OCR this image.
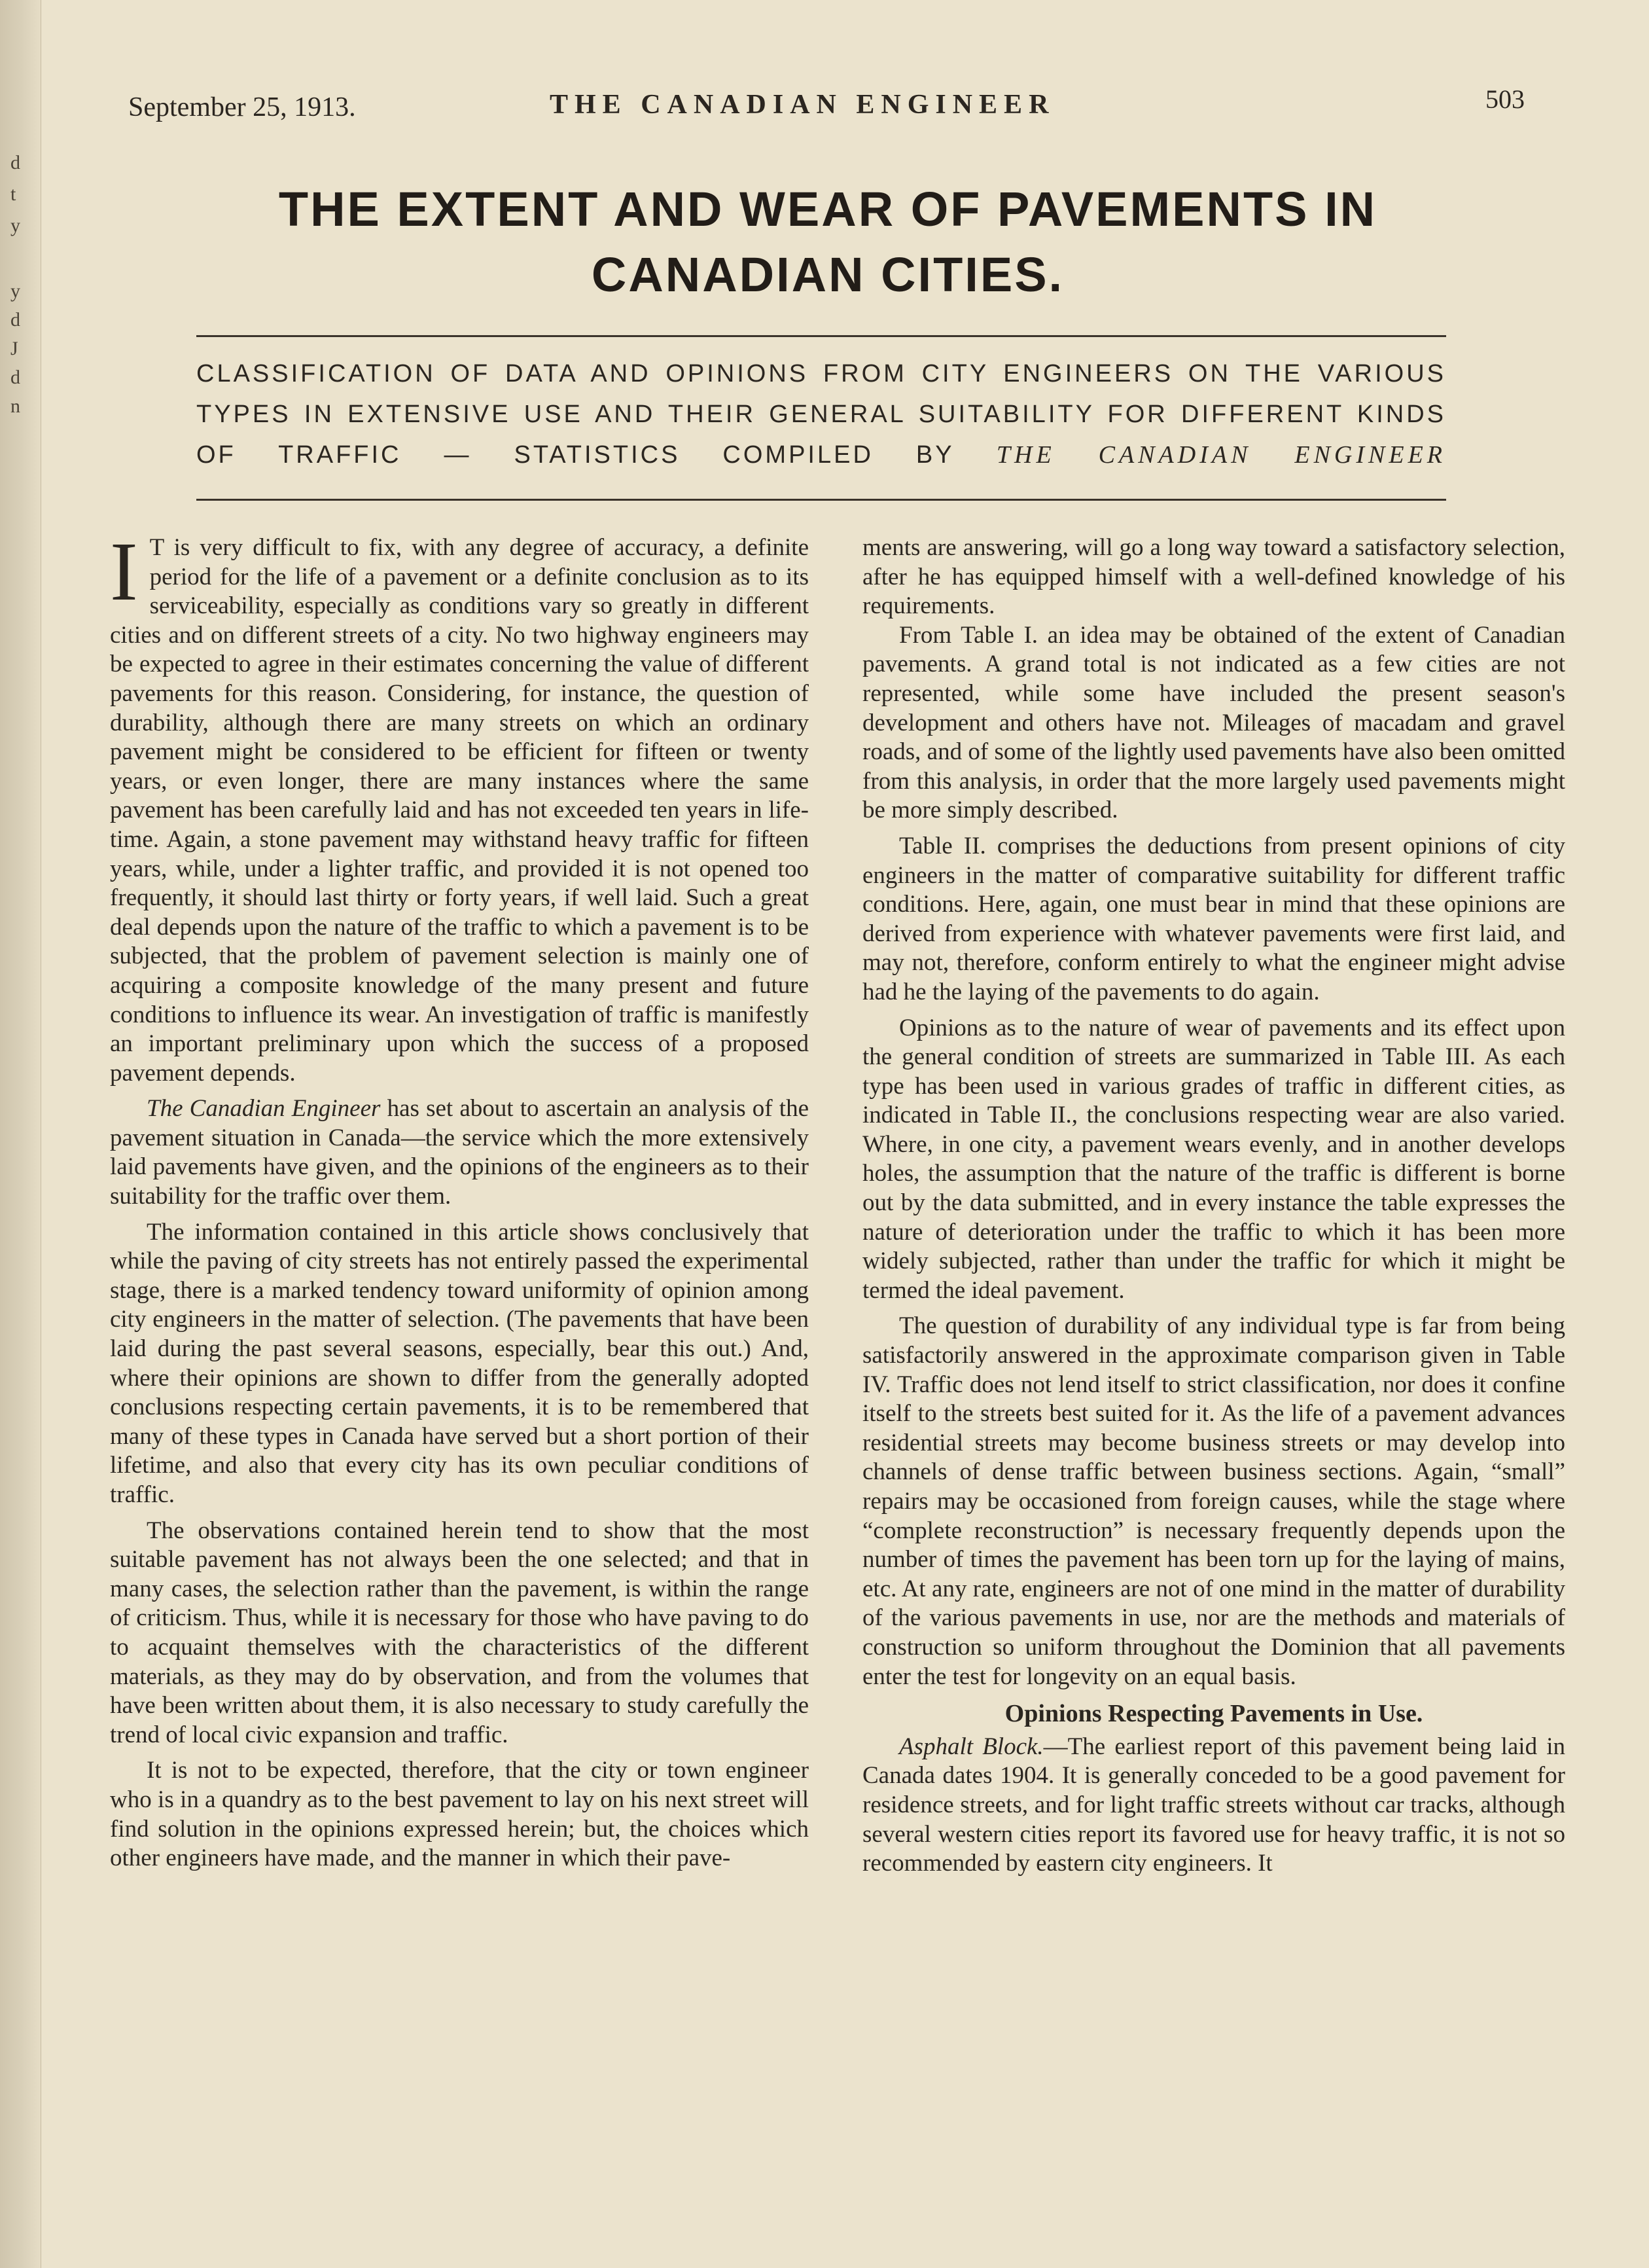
d
t
y
y
d
J
d
n
September 25, 1913.	THE CANADIAN ENGINEER	503
THE EXTENT AND WEAR OF PAVEMENTS IN
CANADIAN CITIES.

CLASSIFICATION OF DATA AND OPINIONS FROM CITY ENGINEERS ON THE VARIOUS TYPES IN EXTENSIVE USE AND THEIR GENERAL SUITABILITY FOR DIFFERENT KINDS OF TRAFFIC — STATISTICS COMPILED BY THE CANADIAN ENGINEER

I T is very difficult to fix, with any degree of accuracy, a definite period for the life of a pavement or a definite conclusion as to its serviceability, especially as conditions vary so greatly in different cities and on different streets of a city. No two highway engineers may be expected to agree in their estimates concerning the value of different pavements for this reason. Considering, for instance, the question of durability, although there are many streets on which an ordinary pavement might be considered to be efficient for fifteen or twenty years, or even longer, there are many instances where the same pavement has been carefully laid and has not exceeded ten years in life-time. Again, a stone pavement may withstand heavy traffic for fifteen years, while, under a lighter traffic, and provided it is not opened too frequently, it should last thirty or forty years, if well laid. Such a great deal depends upon the nature of the traffic to which a pavement is to be subjected, that the problem of pavement selection is mainly one of acquiring a composite knowledge of the many present and future conditions to influence its wear. An investigation of traffic is manifestly an important preliminary upon which the success of a proposed pavement depends.

The Canadian Engineer has set about to ascertain an analysis of the pavement situation in Canada—the service which the more extensively laid pavements have given, and the opinions of the engineers as to their suitability for the traffic over them.

The information contained in this article shows conclusively that while the paving of city streets has not entirely passed the experimental stage, there is a marked tendency toward uniformity of opinion among city engineers in the matter of selection. (The pavements that have been laid during the past several seasons, especially, bear this out.) And, where their opinions are shown to differ from the generally adopted conclusions respecting certain pavements, it is to be remembered that many of these types in Canada have served but a short portion of their lifetime, and also that every city has its own peculiar conditions of traffic.

The observations contained herein tend to show that the most suitable pavement has not always been the one selected; and that in many cases, the selection rather than the pavement, is within the range of criticism. Thus, while it is necessary for those who have paving to do to acquaint themselves with the characteristics of the different materials, as they may do by observation, and from the volumes that have been written about them, it is also necessary to study carefully the trend of local civic expansion and traffic.

It is not to be expected, therefore, that the city or town engineer who is in a quandry as to the best pavement to lay on his next street will find solution in the opinions expressed herein; but, the choices which other engineers have made, and the manner in which their pave-

ments are answering, will go a long way toward a satisfactory selection, after he has equipped himself with a well-defined knowledge of his requirements.

From Table I. an idea may be obtained of the extent of Canadian pavements. A grand total is not indicated as a few cities are not represented, while some have included the present season's development and others have not. Mileages of macadam and gravel roads, and of some of the lightly used pavements have also been omitted from this analysis, in order that the more largely used pavements might be more simply described.

Table II. comprises the deductions from present opinions of city engineers in the matter of comparative suitability for different traffic conditions. Here, again, one must bear in mind that these opinions are derived from experience with whatever pavements were first laid, and may not, therefore, conform entirely to what the engineer might advise had he the laying of the pavements to do again.

Opinions as to the nature of wear of pavements and its effect upon the general condition of streets are summarized in Table III. As each type has been used in various grades of traffic in different cities, as indicated in Table II., the conclusions respecting wear are also varied. Where, in one city, a pavement wears evenly, and in another develops holes, the assumption that the nature of the traffic is different is borne out by the data submitted, and in every instance the table expresses the nature of deterioration under the traffic to which it has been more widely subjected, rather than under the traffic for which it might be termed the ideal pavement.

The question of durability of any individual type is far from being satisfactorily answered in the approximate comparison given in Table IV. Traffic does not lend itself to strict classification, nor does it confine itself to the streets best suited for it. As the life of a pavement advances residential streets may become business streets or may develop into channels of dense traffic between business sections. Again, “small” repairs may be occasioned from foreign causes, while the stage where “complete reconstruction” is necessary frequently depends upon the number of times the pavement has been torn up for the laying of mains, etc. At any rate, engineers are not of one mind in the matter of durability of the various pavements in use, nor are the methods and materials of construction so uniform throughout the Dominion that all pavements enter the test for longevity on an equal basis.

Opinions Respecting Pavements in Use.

Asphalt Block.—The earliest report of this pavement being laid in Canada dates 1904. It is generally conceded to be a good pavement for residence streets, and for light traffic streets without car tracks, although several western cities report its favored use for heavy traffic, it is not so recommended by eastern city engineers. It
